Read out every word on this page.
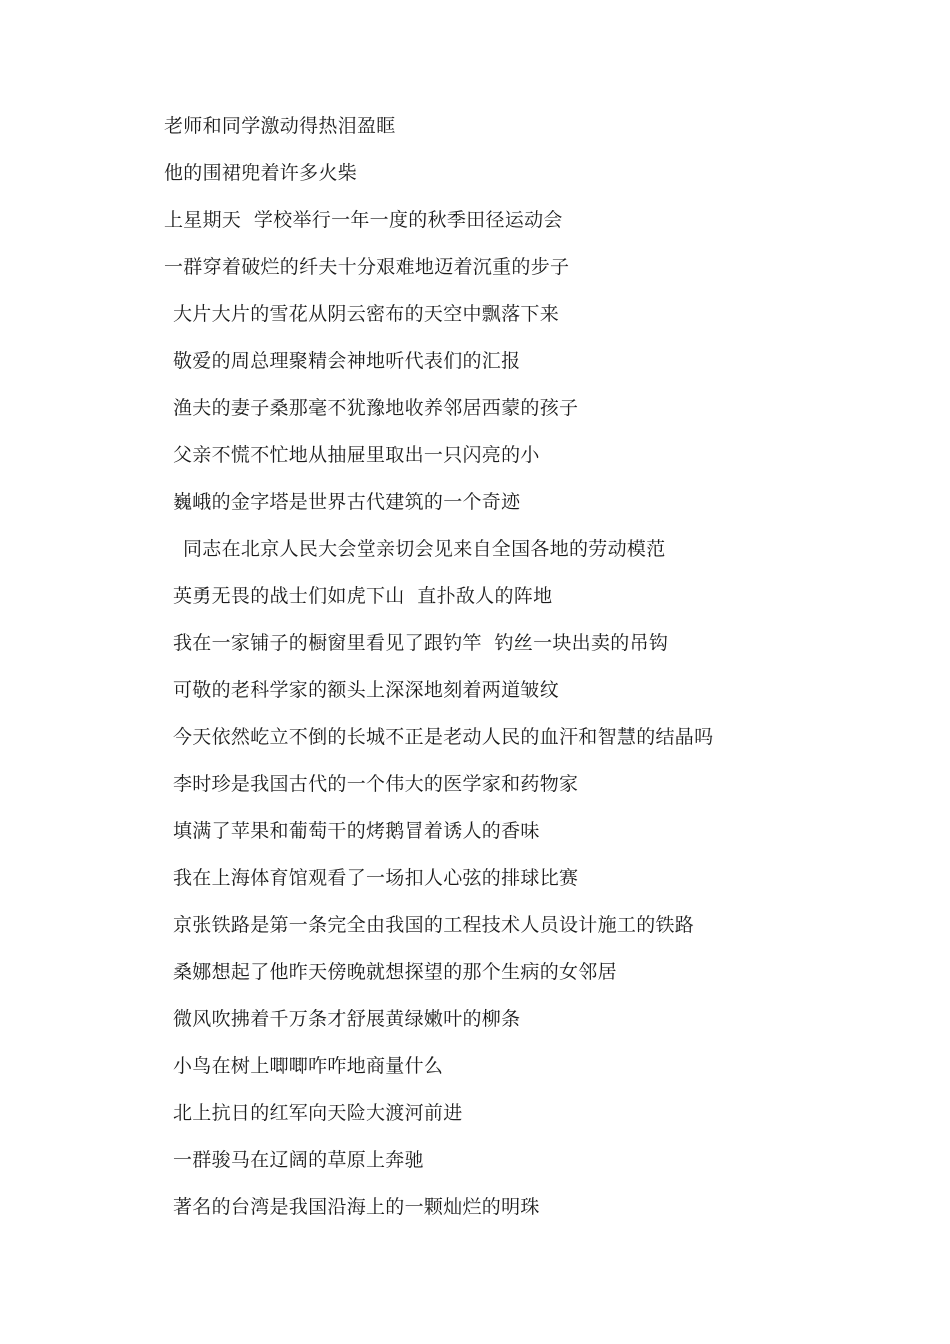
老师和同学激动得热泪盈眶
他的围裙兜着许多火柴
上星期天  学校举行一年一度的秋季田径运动会
一群穿着破烂的纤夫十分艰难地迈着沉重的步子
大片大片的雪花从阴云密布的天空中飘落下来
敬爱的周总理聚精会神地听代表们的汇报
渔夫的妻子桑那毫不犹豫地收养邻居西蒙的孩子
父亲不慌不忙地从抽屉里取出一只闪亮的小
巍峨的金字塔是世界古代建筑的一个奇迹
同志在北京人民大会堂亲切会见来自全国各地的劳动模范
英勇无畏的战士们如虎下山  直扑敌人的阵地
我在一家铺子的橱窗里看见了跟钓竿  钓丝一块出卖的吊钩
可敬的老科学家的额头上深深地刻着两道皱纹
今天依然屹立不倒的长城不正是老动人民的血汗和智慧的结晶吗
李时珍是我国古代的一个伟大的医学家和药物家
填满了苹果和葡萄干的烤鹅冒着诱人的香味
我在上海体育馆观看了一场扣人心弦的排球比赛
京张铁路是第一条完全由我国的工程技术人员设计施工的铁路
桑娜想起了他昨天傍晚就想探望的那个生病的女邻居
微风吹拂着千万条才舒展黄绿嫩叶的柳条
小鸟在树上唧唧咋咋地商量什么
北上抗日的红军向天险大渡河前进
一群骏马在辽阔的草原上奔驰
著名的台湾是我国沿海上的一颗灿烂的明珠
